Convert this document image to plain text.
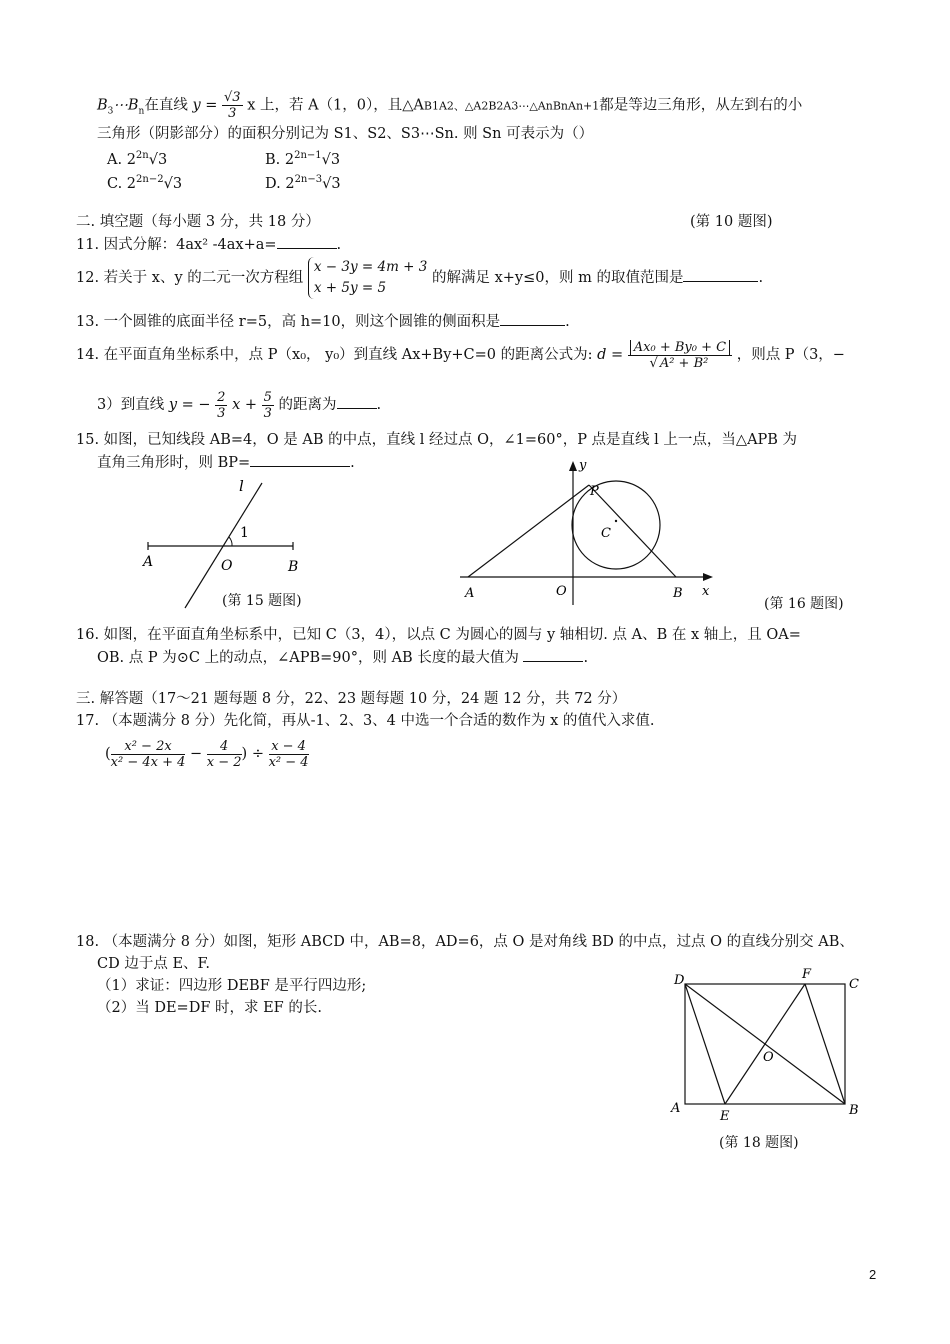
$B_3\cdots B_n$在直线 $y = \frac{√3}{3}$ x 上，若 A（1，0），且△AB1A2、△A2B2A3⋯△AnBnAn+1都是等边三角形，从左到右的小
三角形（阴影部分）的面积分别记为 S1、S2、S3⋯Sn. 则 Sn 可表示为（）
A. $2^{2n}√3$	B. $2^{2n-1}√3$
C. $2^{2n-2}√3$	D. $2^{2n-3}√3$
二. 填空题（每小题 3 分，共 18 分）	(第 10 题图)
11. 因式分解：4ax² -4ax+a=	.
12. 若关于 x、y 的二元一次方程组
x − 3y = 4m + 3
x + 5y = 5
的解满足 x+y≤0，则 m 的取值范围是	.
13. 一个圆锥的底面半径 r=5，高 h=10，则这个圆锥的侧面积是	.
14. 在平面直角坐标系中，点 P（x₀， y₀）到直线 Ax+By+C=0 的距离公式为: $d = \frac{\text{Ax₀ + By₀ + C}}{\text{√ A² + B²}}$ ，则点 P（3，−
3）到直线 y = − $\frac{2}{3}$ $x + \frac{5}{3}$ 的距离为	.
15. 如图，已知线段 AB=4，O 是 AB 的中点，直线 l 经过点 O，∠1=60°，P 点是直线 l 上一点，当△APB 为
直角三角形时，则 BP=	.
l
1
A	O	B
(第 15 题图)
y
P
C
A	O	B x
(第 16 题图)
16. 如图，在平面直角坐标系中，已知 C（3，4），以点 C 为圆心的圆与 y 轴相切. 点 A、B 在 x 轴上，且 OA=
OB. 点 P 为⊙C 上的动点，∠APB=90°，则 AB 长度的最大值为	.
三. 解答题（17～21 题每题 8 分，22、23 题每题 10 分，24 题 12 分，共 72 分）
17. （本题满分 8 分）先化简，再从-1、2、3、4 中选一个合适的数作为 x 的值代入求值.
( $\frac{\text{x² − 2x}}{\text{x² − 4x + 4}} - \frac{4}{x - 2}$ ) ÷ $\frac{x - 4}{\text{x² − 4}}$
18. （本题满分 8 分）如图，矩形 ABCD 中，AB=8，AD=6，点 O 是对角线 BD 的中点，过点 O 的直线分别交 AB、
CD 边于点 E、F.
（1）求证：四边形 DEBF 是平行四边形;
（2）当 DE=DF 时，求 EF 的长.
D	F
C
O
A
E	B
(第 18 题图)
2
